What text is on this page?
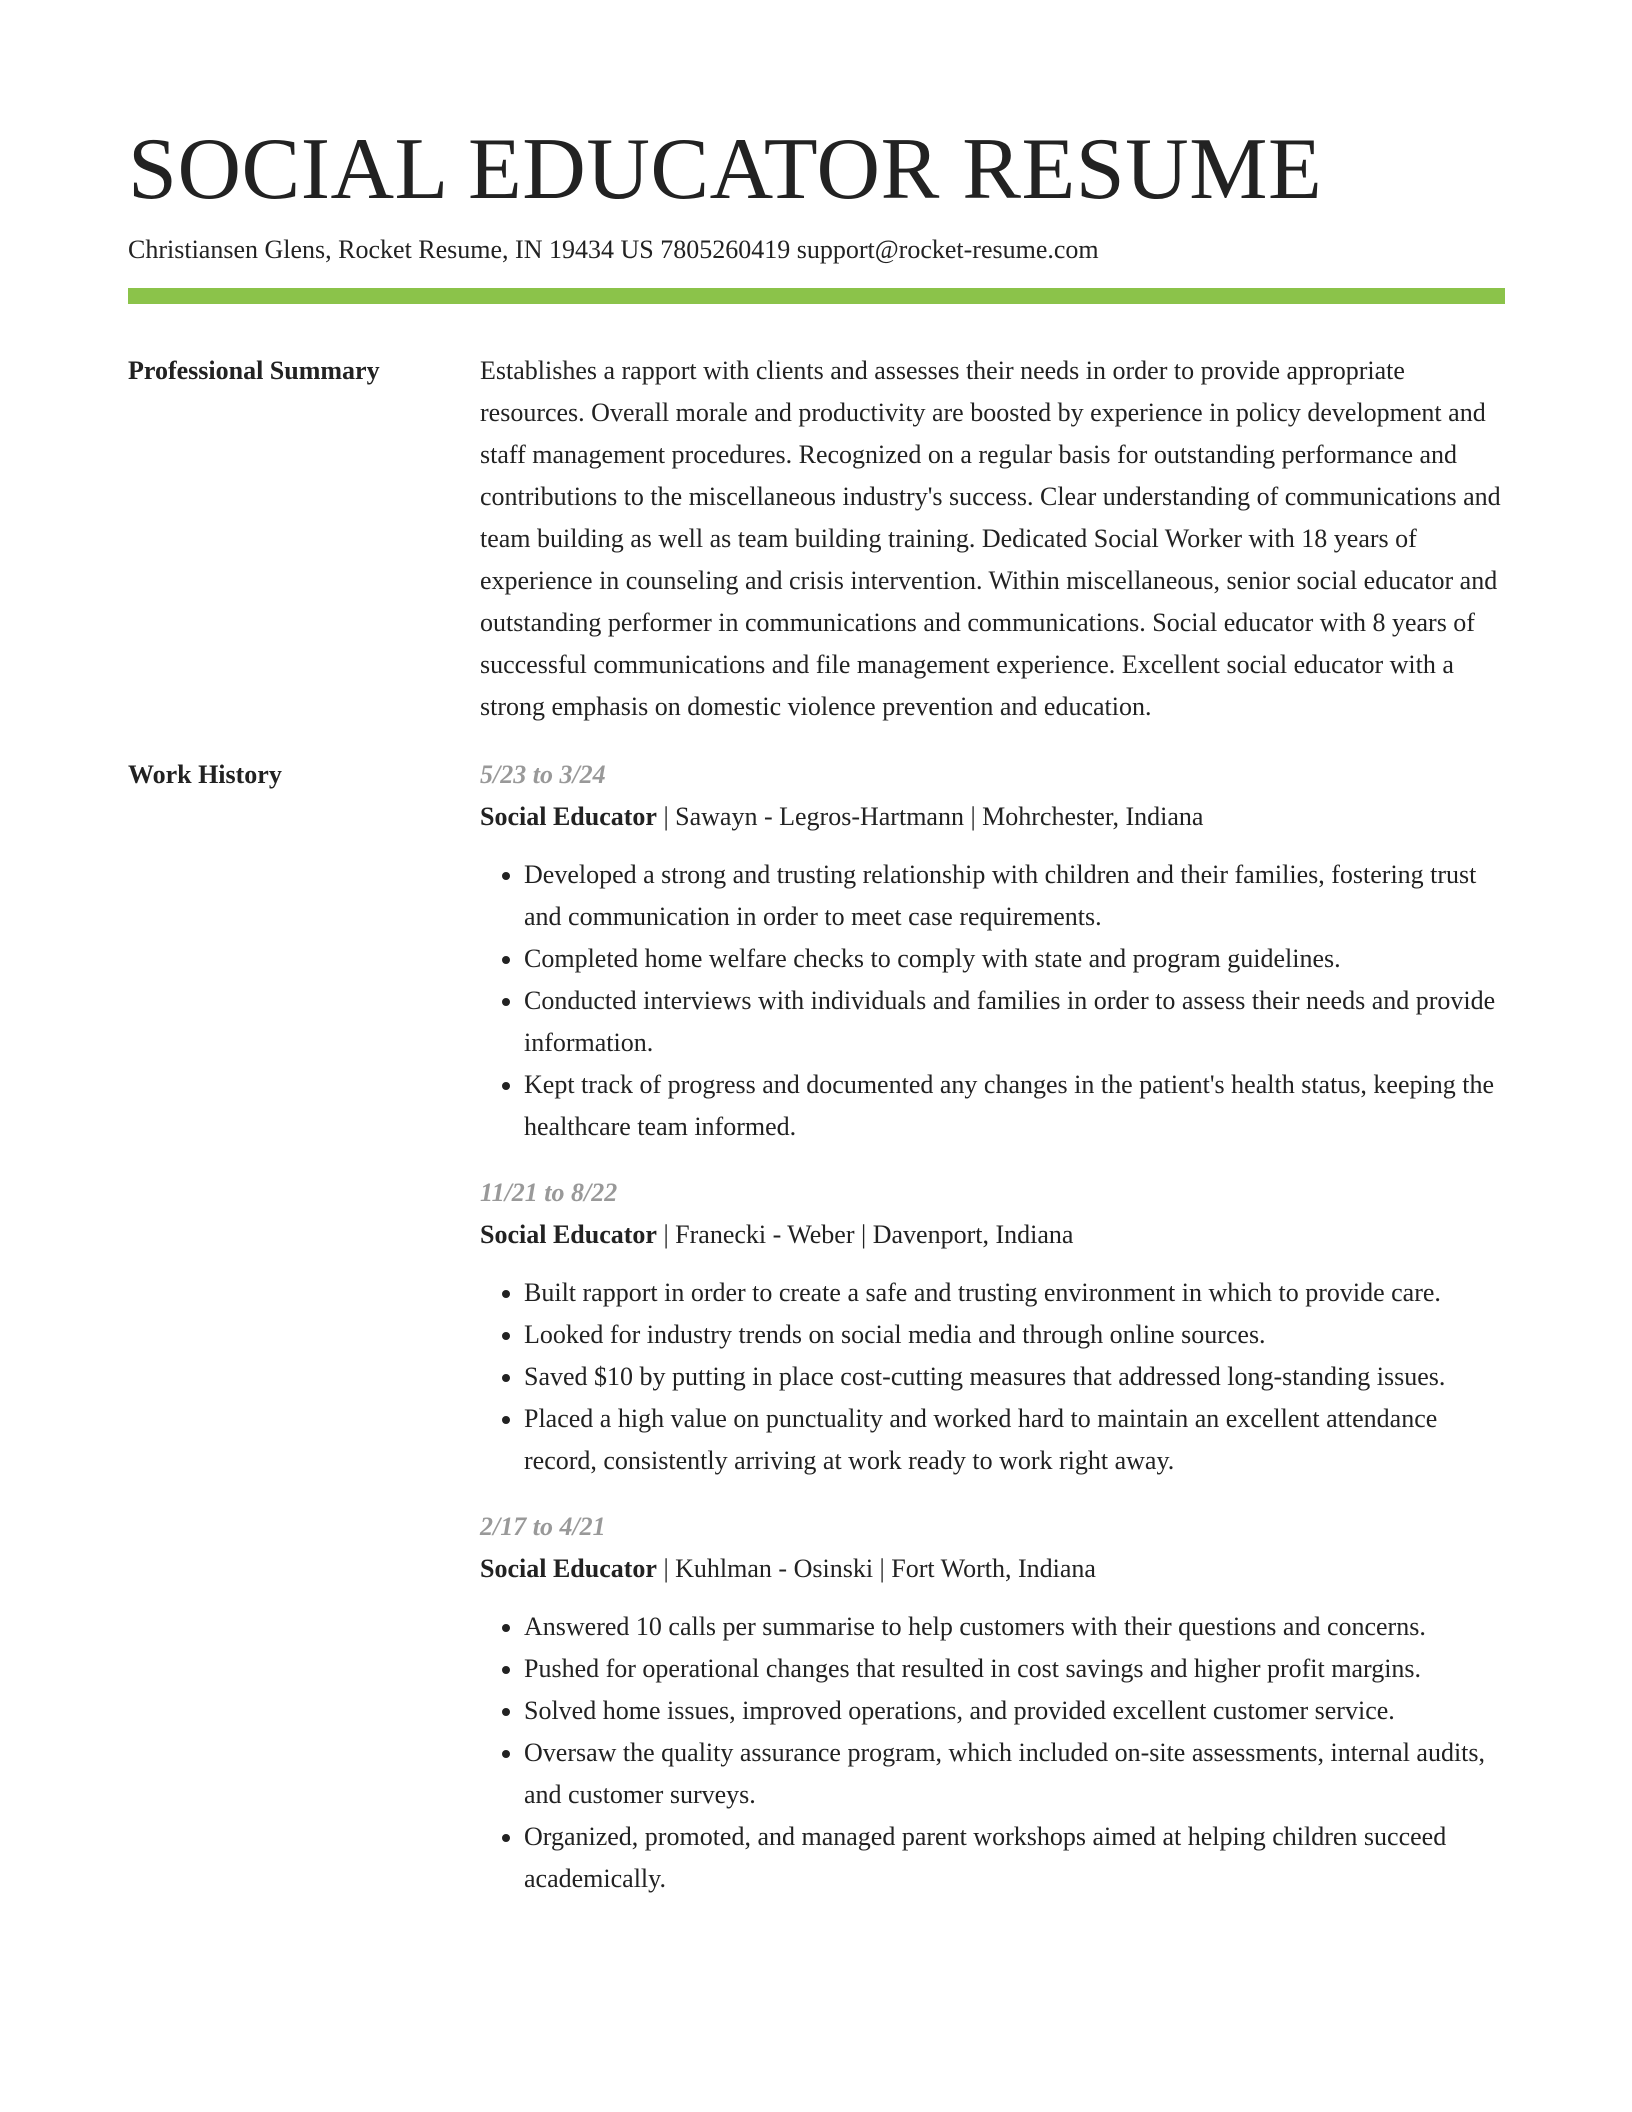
SOCIAL EDUCATOR RESUME
Christiansen Glens, Rocket Resume, IN 19434 US 7805260419 support@rocket-resume.com
Professional Summary	Establishes a rapport with clients and assesses their needs in order to provide appropriate resources. Overall morale and productivity are boosted by experience in policy development and staff management procedures. Recognized on a regular basis for outstanding performance and contributions to the miscellaneous industry's success. Clear understanding of communications and team building as well as team building training. Dedicated Social Worker with 18 years of experience in counseling and crisis intervention. Within miscellaneous, senior social educator and outstanding performer in communications and communications. Social educator with 8 years of successful communications and file management experience. Excellent social educator with a strong emphasis on domestic violence prevention and education.

Work History	5/23 to 3/24
Social Educator | Sawayn - Legros-Hartmann | Mohrchester, Indiana
• Developed a strong and trusting relationship with children and their families, fostering trust and communication in order to meet case requirements.
• Completed home welfare checks to comply with state and program guidelines.
• Conducted interviews with individuals and families in order to assess their needs and provide information.
• Kept track of progress and documented any changes in the patient's health status, keeping the healthcare team informed.
11/21 to 8/22
Social Educator | Franecki - Weber | Davenport, Indiana
• Built rapport in order to create a safe and trusting environment in which to provide care.
• Looked for industry trends on social media and through online sources.
• Saved $10 by putting in place cost-cutting measures that addressed long-standing issues.
• Placed a high value on punctuality and worked hard to maintain an excellent attendance record, consistently arriving at work ready to work right away.
2/17 to 4/21
Social Educator | Kuhlman - Osinski | Fort Worth, Indiana
• Answered 10 calls per summarise to help customers with their questions and concerns.
• Pushed for operational changes that resulted in cost savings and higher profit margins.
• Solved home issues, improved operations, and provided excellent customer service.
• Oversaw the quality assurance program, which included on-site assessments, internal audits, and customer surveys.
• Organized, promoted, and managed parent workshops aimed at helping children succeed academically.
